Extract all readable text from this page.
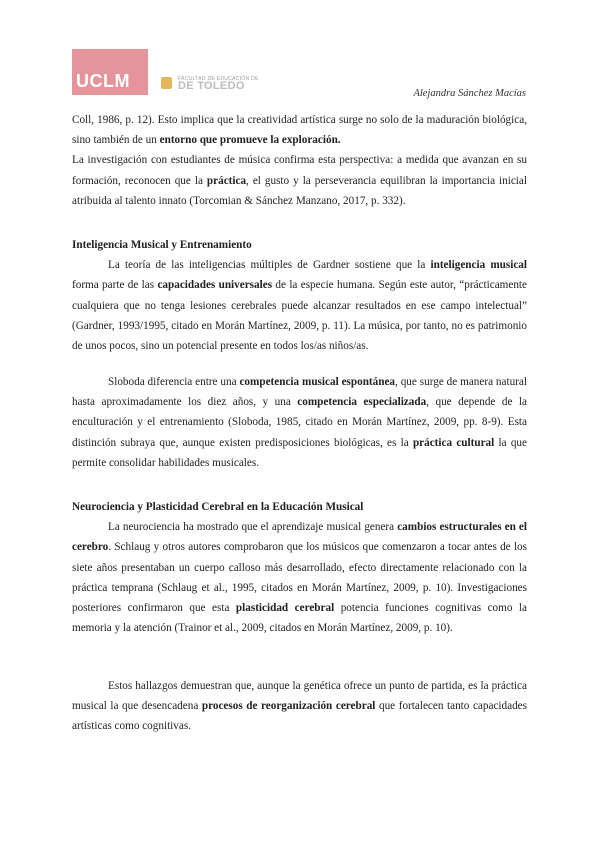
UCLM	FACULTAD DE EDUCACIÓN DE
DE TOLEDO
Alejandra Sánchez Macías

Coll, 1986, p. 12). Esto implica que la creatividad artística surge no solo de la maduración biológica, sino también de un entorno que promueve la exploración.

La investigación con estudiantes de música confirma esta perspectiva: a medida que avanzan en su formación, reconocen que la práctica, el gusto y la perseverancia equilibran la importancia inicial atribuida al talento innato (Torcomian & Sánchez Manzano, 2017, p. 332).

Inteligencia Musical y Entrenamiento

La teoría de las inteligencias múltiples de Gardner sostiene que la inteligencia musical forma parte de las capacidades universales de la especie humana. Según este autor, “prácticamente cualquiera que no tenga lesiones cerebrales puede alcanzar resultados en ese campo intelectual” (Gardner, 1993/1995, citado en Morán Martínez, 2009, p. 11). La música, por tanto, no es patrimonio de unos pocos, sino un potencial presente en todos los/as niños/as.

Sloboda diferencia entre una competencia musical espontánea, que surge de manera natural hasta aproximadamente los diez años, y una competencia especializada, que depende de la enculturación y el entrenamiento (Sloboda, 1985, citado en Morán Martínez, 2009, pp. 8-9). Esta distinción subraya que, aunque existen predisposiciones biológicas, es la práctica cultural la que permite consolidar habilidades musicales.

Neurociencia y Plasticidad Cerebral en la Educación Musical

La neurociencia ha mostrado que el aprendizaje musical genera cambios estructurales en el cerebro. Schlaug y otros autores comprobaron que los músicos que comenzaron a tocar antes de los siete años presentaban un cuerpo calloso más desarrollado, efecto directamente relacionado con la práctica temprana (Schlaug et al., 1995, citados en Morán Martínez, 2009, p. 10). Investigaciones posteriores confirmaron que esta plasticidad cerebral potencia funciones cognitivas como la memoria y la atención (Trainor et al., 2009, citados en Morán Martínez, 2009, p. 10).

Estos hallazgos demuestran que, aunque la genética ofrece un punto de partida, es la práctica musical la que desencadena procesos de reorganización cerebral que fortalecen tanto capacidades artísticas como cognitivas.
